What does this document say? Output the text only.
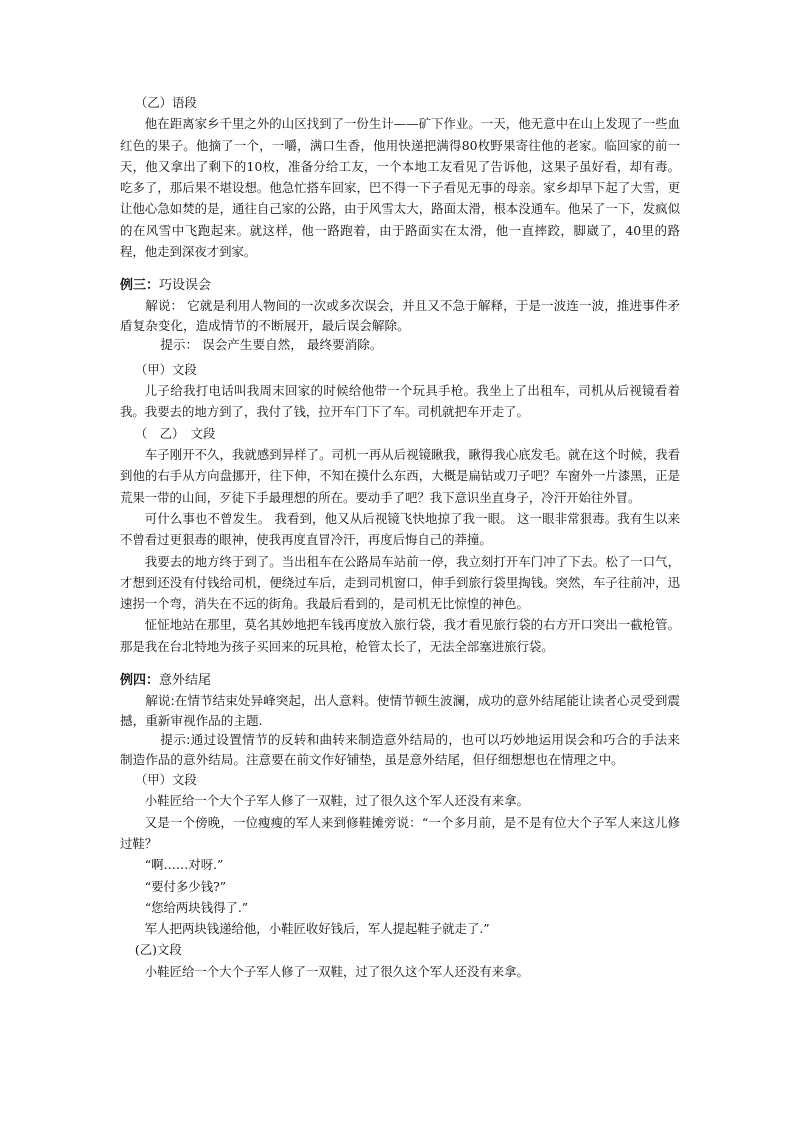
（乙）语段

他在距离家乡千里之外的山区找到了一份生计——矿下作业。一天，他无意中在山上发现了一些血红色的果子。他摘了一个，一嚼，满口生香，他用快递把满得80枚野果寄往他的老家。临回家的前一天，他又拿出了剩下的10枚，准备分给工友，一个本地工友看见了告诉他，这果子虽好看，却有毒。吃多了，那后果不堪设想。他急忙搭车回家，巴不得一下子看见无事的母亲。家乡却早下起了大雪，更让他心急如焚的是，通往自己家的公路，由于风雪太大，路面太滑，根本没通车。他呆了一下，发疯似的在风雪中飞跑起来。就这样，他一路跑着，由于路面实在太滑，他一直摔跤，脚崴了，40里的路程，他走到深夜才到家。

例三：巧设误会

解说： 它就是利用人物间的一次或多次误会，并且又不急于解释，于是一波连一波，推进事件矛盾复杂变化，造成情节的不断展开，最后误会解除。

提示： 误会产生要自然， 最终要消除。

（甲）文段

儿子给我打电话叫我周末回家的时候给他带一个玩具手枪。我坐上了出租车，司机从后视镜看着我。我要去的地方到了，我付了钱，拉开车门下了车。司机就把车开走了。

（　乙）　文段

车子刚开不久，我就感到异样了。司机一再从后视镜瞅我，瞅得我心底发毛。就在这个时候，我看到他的右手从方向盘挪开，往下伸，不知在摸什么东西，大概是扁钻或刀子吧？车窗外一片漆黑，正是荒果一带的山间，歹徒下手最理想的所在。要动手了吧？我下意识坐直身子，冷汗开始往外冒。

可什么事也不曾发生。 我看到，他又从后视镜飞快地掠了我一眼。 这一眼非常狠毒。我有生以来不曾看过更狠毒的眼神，使我再度直冒冷汗，再度后悔自己的莽撞。

我要去的地方终于到了。当出租车在公路局车站前一停，我立刻打开车门冲了下去。松了一口气，才想到还没有付钱给司机，便绕过车后，走到司机窗口，伸手到旅行袋里掏钱。突然，车子往前冲，迅速拐一个弯，消失在不远的街角。我最后看到的，是司机无比惊惶的神色。

怔怔地站在那里，莫名其妙地把车钱再度放入旅行袋，我才看见旅行袋的右方开口突出一截枪管。那是我在台北特地为孩子买回来的玩具枪，枪管太长了，无法全部塞进旅行袋。

例四：意外结尾

解说:在情节结束处异峰突起，出人意料。使情节顿生波澜，成功的意外结尾能让读者心灵受到震撼，重新审视作品的主题.

提示:通过设置情节的反转和曲转来制造意外结局的，也可以巧妙地运用误会和巧合的手法来制造作品的意外结局。注意要在前文作好铺垫，虽是意外结尾，但仔细想想也在情理之中。

（甲）文段

小鞋匠给一个大个子军人修了一双鞋，过了很久这个军人还没有来拿。

又是一个傍晚，一位瘦瘦的军人来到修鞋摊旁说：“一个多月前，是不是有位大个子军人来这儿修过鞋？

“啊……对呀.”

“要付多少钱?”

“您给两块钱得了.”

军人把两块钱递给他，小鞋匠收好钱后，军人提起鞋子就走了.”

(乙)文段

小鞋匠给一个大个子军人修了一双鞋，过了很久这个军人还没有来拿。
